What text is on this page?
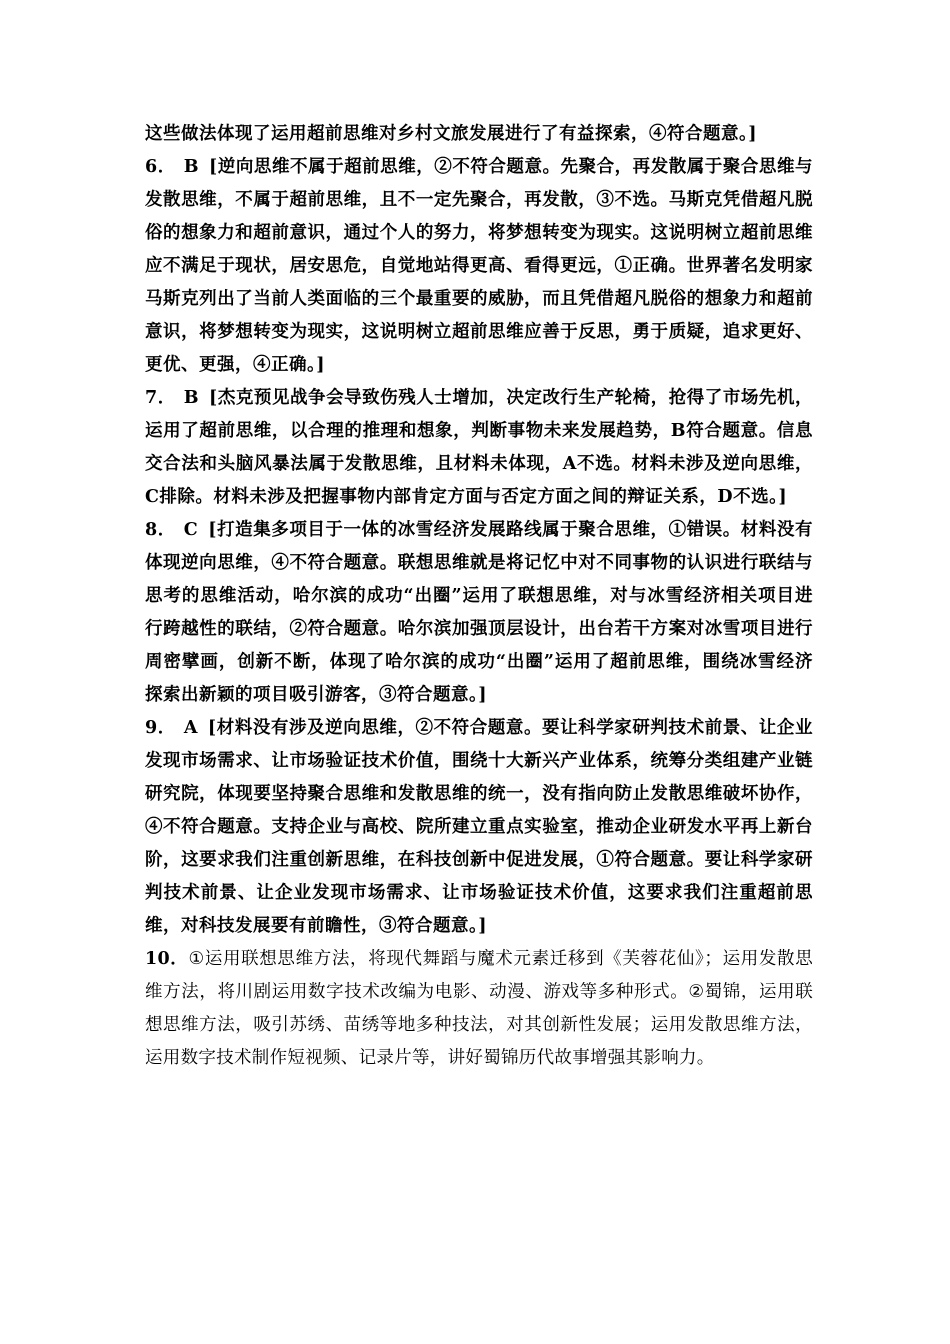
这些做法体现了运用超前思维对乡村文旅发展进行了有益探索，④符合题意。]

6． B [逆向思维不属于超前思维，②不符合题意。先聚合，再发散属于聚合思维与发散思维，不属于超前思维，且不一定先聚合，再发散，③不选。马斯克凭借超凡脱俗的想象力和超前意识，通过个人的努力，将梦想转变为现实。这说明树立超前思维应不满足于现状，居安思危，自觉地站得更高、看得更远，①正确。世界著名发明家马斯克列出了当前人类面临的三个最重要的威胁，而且凭借超凡脱俗的想象力和超前意识，将梦想转变为现实，这说明树立超前思维应善于反思，勇于质疑，追求更好、更优、更强，④正确。]

7． B [杰克预见战争会导致伤残人士增加，决定改行生产轮椅，抢得了市场先机，运用了超前思维，以合理的推理和想象，判断事物未来发展趋势，B符合题意。信息交合法和头脑风暴法属于发散思维，且材料未体现，A不选。材料未涉及逆向思维，C排除。材料未涉及把握事物内部肯定方面与否定方面之间的辩证关系，D不选。]

8． C [打造集多项目于一体的冰雪经济发展路线属于聚合思维，①错误。材料没有体现逆向思维，④不符合题意。联想思维就是将记忆中对不同事物的认识进行联结与思考的思维活动，哈尔滨的成功“出圈”运用了联想思维，对与冰雪经济相关项目进行跨越性的联结，②符合题意。哈尔滨加强顶层设计，出台若干方案对冰雪项目进行周密擘画，创新不断，体现了哈尔滨的成功“出圈”运用了超前思维，围绕冰雪经济探索出新颖的项目吸引游客，③符合题意。]

9． A [材料没有涉及逆向思维，②不符合题意。要让科学家研判技术前景、让企业发现市场需求、让市场验证技术价值，围绕十大新兴产业体系，统筹分类组建产业链研究院，体现要坚持聚合思维和发散思维的统一，没有指向防止发散思维破坏协作，④不符合题意。支持企业与高校、院所建立重点实验室，推动企业研发水平再上新台阶，这要求我们注重创新思维，在科技创新中促进发展，①符合题意。要让科学家研判技术前景、让企业发现市场需求、让市场验证技术价值，这要求我们注重超前思维，对科技发展要有前瞻性，③符合题意。]

10．①运用联想思维方法，将现代舞蹈与魔术元素迁移到《芙蓉花仙》；运用发散思维方法，将川剧运用数字技术改编为电影、动漫、游戏等多种形式。②蜀锦，运用联想思维方法，吸引苏绣、苗绣等地多种技法，对其创新性发展；运用发散思维方法，运用数字技术制作短视频、记录片等，讲好蜀锦历代故事增强其影响力。
